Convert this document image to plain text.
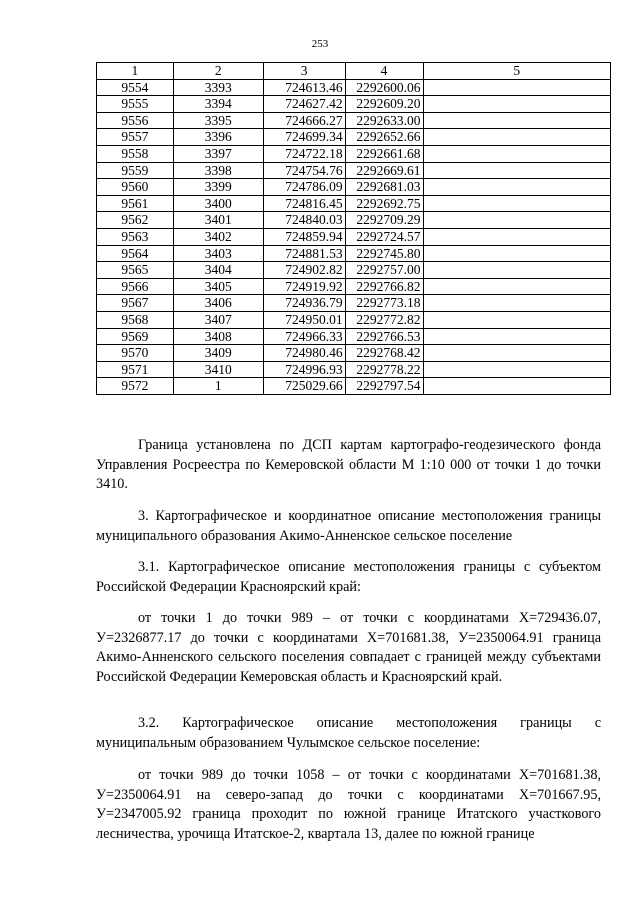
253
1	2	3	4	5
9554	3393	724613.46	2292600.06	
9555	3394	724627.42	2292609.20	
9556	3395	724666.27	2292633.00	
9557	3396	724699.34	2292652.66	
9558	3397	724722.18	2292661.68	
9559	3398	724754.76	2292669.61	
9560	3399	724786.09	2292681.03	
9561	3400	724816.45	2292692.75	
9562	3401	724840.03	2292709.29	
9563	3402	724859.94	2292724.57	
9564	3403	724881.53	2292745.80	
9565	3404	724902.82	2292757.00	
9566	3405	724919.92	2292766.82	
9567	3406	724936.79	2292773.18	
9568	3407	724950.01	2292772.82	
9569	3408	724966.33	2292766.53	
9570	3409	724980.46	2292768.42	
9571	3410	724996.93	2292778.22	
9572	1	725029.66	2292797.54	

Граница установлена по ДСП картам картографо-геодезического фонда Управления Росреестра по Кемеровской области М 1:10 000 от точки 1 до точки 3410.

3. Картографическое и координатное описание местоположения границы муниципального образования Акимо-Анненское сельское поселение

3.1. Картографическое описание местоположения границы с субъектом Российской Федерации Красноярский край:

от точки 1 до точки 989 – от точки с координатами Х=729436.07, У=2326877.17 до точки с координатами Х=701681.38, У=2350064.91 граница Акимо-Анненского сельского поселения совпадает с границей между субъектами Российской Федерации Кемеровская область и Красноярский край.

3.2. Картографическое описание местоположения границы с муниципальным образованием Чулымское сельское поселение:

от точки 989 до точки 1058 – от точки с координатами Х=701681.38, У=2350064.91 на северо-запад до точки с координатами Х=701667.95, У=2347005.92 граница проходит по южной границе Итатского участкового лесничества, урочища Итатское-2, квартала 13, далее по южной границе
